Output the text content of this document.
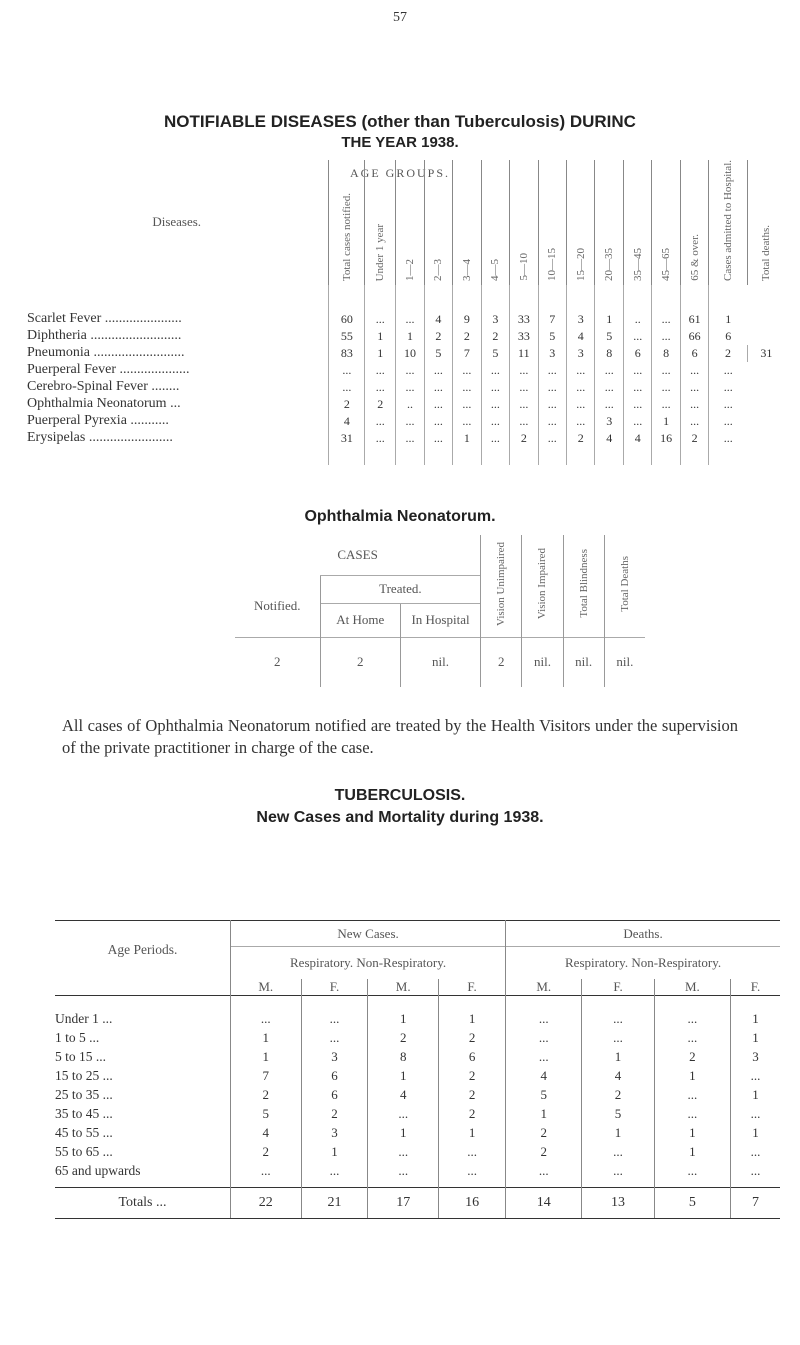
57
NOTIFIABLE DISEASES (other than Tuberculosis) DURINC
THE YEAR 1938.
AGE GROUPS.
Diseases.	Total cases notified.	Under 1 year	1—2	2—3	3—4	4—5	5—10	10—15	15—20	20—35	35—45	45—65	65 & over.	Cases admitted to Hospital.	Total deaths.
Scarlet Fever ......................	60	...	...	4	9	3	33	7	3	1	..	...	61	1	
Diphtheria ..........................	55	1	1	2	2	2	33	5	4	5	...	...	66	6	
Pneumonia ..........................	83	1	10	5	7	5	11	3	3	8	6	8	6	2	31
Puerperal Fever ....................	...	...	...	...	...	...	...	...	...	...	...	...	...	...	
Cerebro-Spinal Fever ........	...	...	...	...	...	...	...	...	...	...	...	...	...	...	
Ophthalmia Neonatorum ...	2	2	..	...	...	...	...	...	...	...	...	...	...	...	
Puerperal Pyrexia ...........	4	...	...	...	...	...	...	...	...	3	...	1	...	...	
Erysipelas ........................	31	...	...	...	1	...	2	...	2	4	4	16	2	...	
Ophthalmia Neonatorum.
CASES			Vision Unimpaired	Vision Impaired	Total Blindness	Total Deaths
Notified.	Treated.					
	At Home	In Hospital				
2	2	nil.	2	nil.	nil.	nil.
All cases of Ophthalmia Neonatorum notified are treated by the Health Visitors under the supervision of the private practitioner in charge of the case.
TUBERCULOSIS.
New Cases and Mortality during 1938.
Age Periods.	New Cases.				Deaths.			
	Respiratory. Non-Respiratory.				Respiratory. Non-Respiratory.			
	M.	F.	M.	F.	M.	F.	M.	F.
Under 1 ...	...	...	1	1	...	...	...	1
1 to 5 ...	1	...	2	2	...	...	...	1
5 to 15 ...	1	3	8	6	...	1	2	3
15 to 25 ...	7	6	1	2	4	4	1	...
25 to 35 ...	2	6	4	2	5	2	...	1
35 to 45 ...	5	2	...	2	1	5	...	...
45 to 55 ...	4	3	1	1	2	1	1	1
55 to 65 ...	2	1	...	...	2	...	1	...
65 and upwards	...	...	...	...	...	...	...	...
Totals ...	22	21	17	16	14	13	5	7
